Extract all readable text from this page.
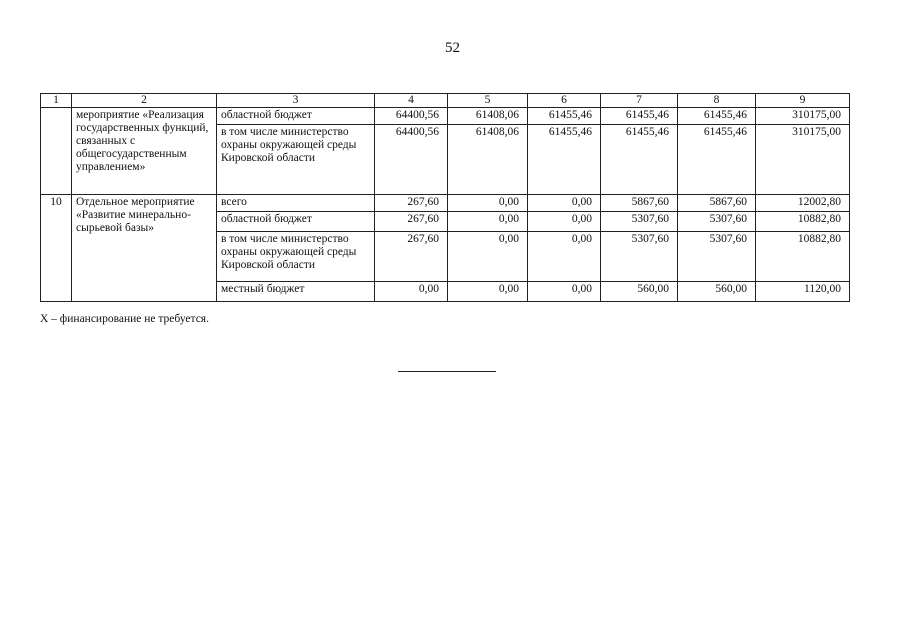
52
1	2	3	4	5	6	7	8	9
	мероприятие «Реализация государственных функций, связанных с общегосударственным управлением»	областной бюджет	64400,56	61408,06	61455,46	61455,46	61455,46	310175,00
		в том числе министерство охраны окружающей среды Кировской области	64400,56	61408,06	61455,46	61455,46	61455,46	310175,00
10	Отдельное мероприятие «Развитие минерально-сырьевой базы»	всего	267,60	0,00	0,00	5867,60	5867,60	12002,80
		областной бюджет	267,60	0,00	0,00	5307,60	5307,60	10882,80
		в том числе министерство охраны окружающей среды Кировской области	267,60	0,00	0,00	5307,60	5307,60	10882,80
		местный бюджет	0,00	0,00	0,00	560,00	560,00	1120,00
Х – финансирование не требуется.
